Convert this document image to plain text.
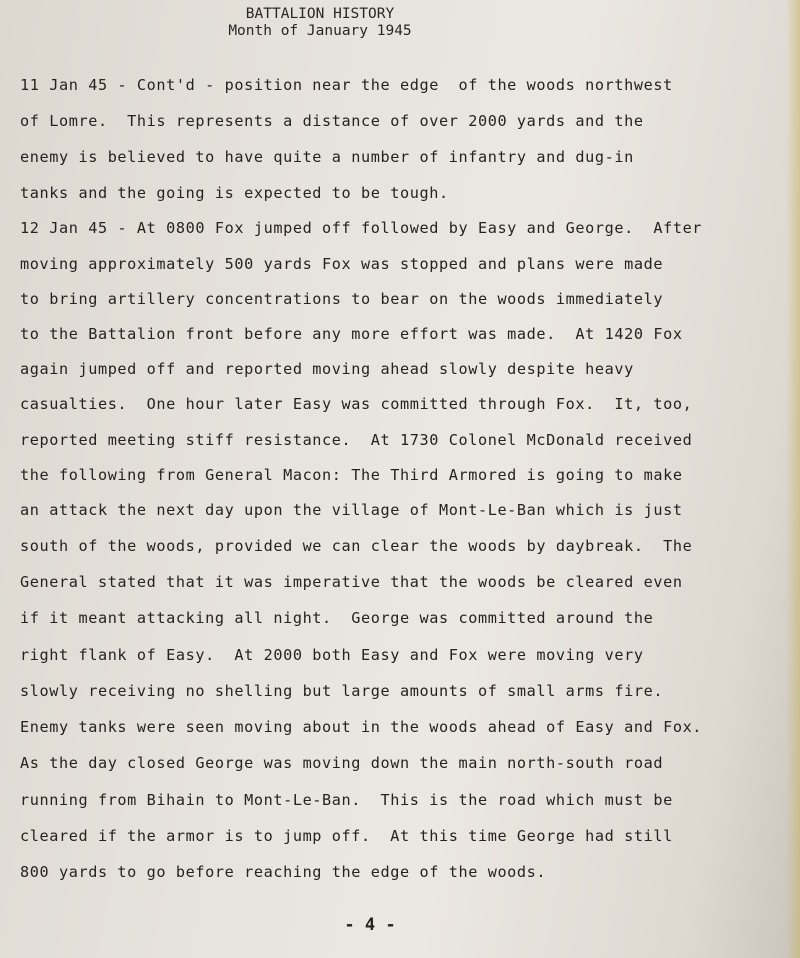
BATTALION HISTORY
Month of January 1945
11 Jan 45 - Cont'd - position near the edge  of the woods northwest
of Lomre.  This represents a distance of over 2000 yards and the
enemy is believed to have quite a number of infantry and dug-in
tanks and the going is expected to be tough.
12 Jan 45 - At 0800 Fox jumped off followed by Easy and George.  After
moving approximately 500 yards Fox was stopped and plans were made
to bring artillery concentrations to bear on the woods immediately
to the Battalion front before any more effort was made.  At 1420 Fox
again jumped off and reported moving ahead slowly despite heavy
casualties.  One hour later Easy was committed through Fox.  It, too,
reported meeting stiff resistance.  At 1730 Colonel McDonald received
the following from General Macon: The Third Armored is going to make
an attack the next day upon the village of Mont-Le-Ban which is just
south of the woods, provided we can clear the woods by daybreak.  The
General stated that it was imperative that the woods be cleared even
if it meant attacking all night.  George was committed around the
right flank of Easy.  At 2000 both Easy and Fox were moving very
slowly receiving no shelling but large amounts of small arms fire.
Enemy tanks were seen moving about in the woods ahead of Easy and Fox.
As the day closed George was moving down the main north-south road
running from Bihain to Mont-Le-Ban.  This is the road which must be
cleared if the armor is to jump off.  At this time George had still
800 yards to go before reaching the edge of the woods.
- 4 -
